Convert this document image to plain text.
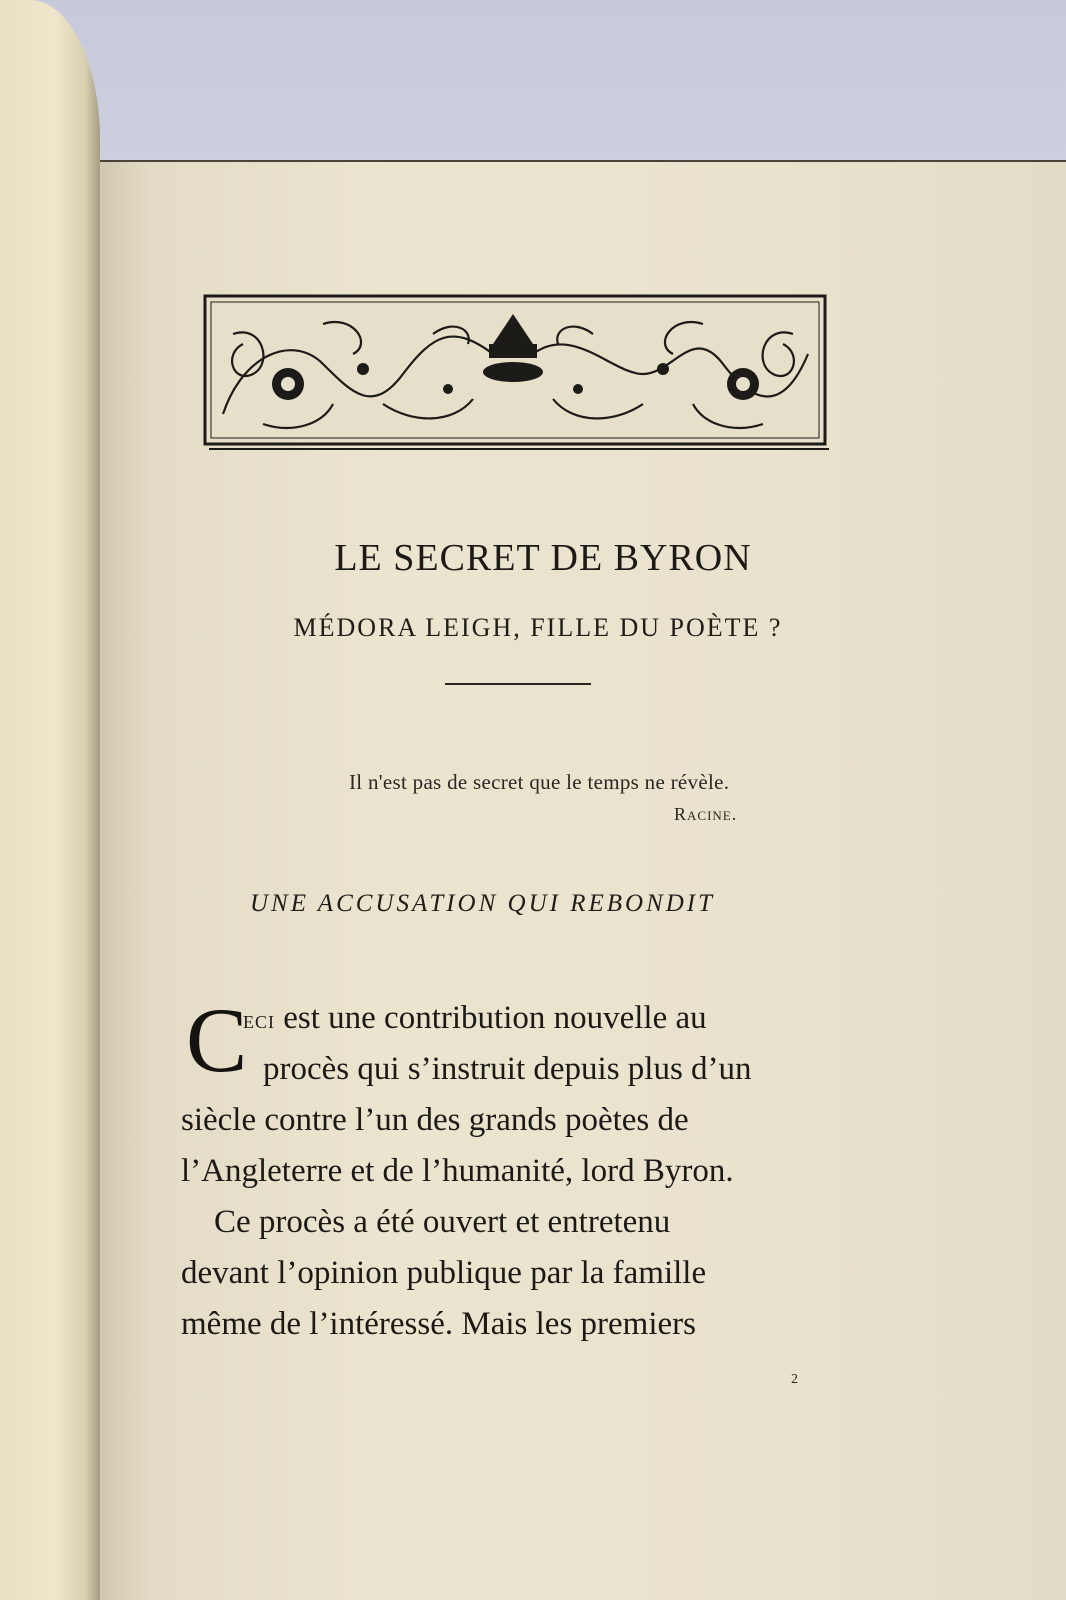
LE SECRET DE BYRON
MÉDORA LEIGH, FILLE DU POÈTE ?
Il n'est pas de secret que le temps ne révèle.
Racine.
UNE ACCUSATION QUI REBONDIT
C
eci est une contribution nouvelle au
procès qui s’instruit depuis plus d’un
siècle contre l’un des grands poètes de
l’Angleterre et de l’humanité, lord Byron.
Ce procès a été ouvert et entretenu
devant l’opinion publique par la famille
même de l’intéressé. Mais les premiers
2
